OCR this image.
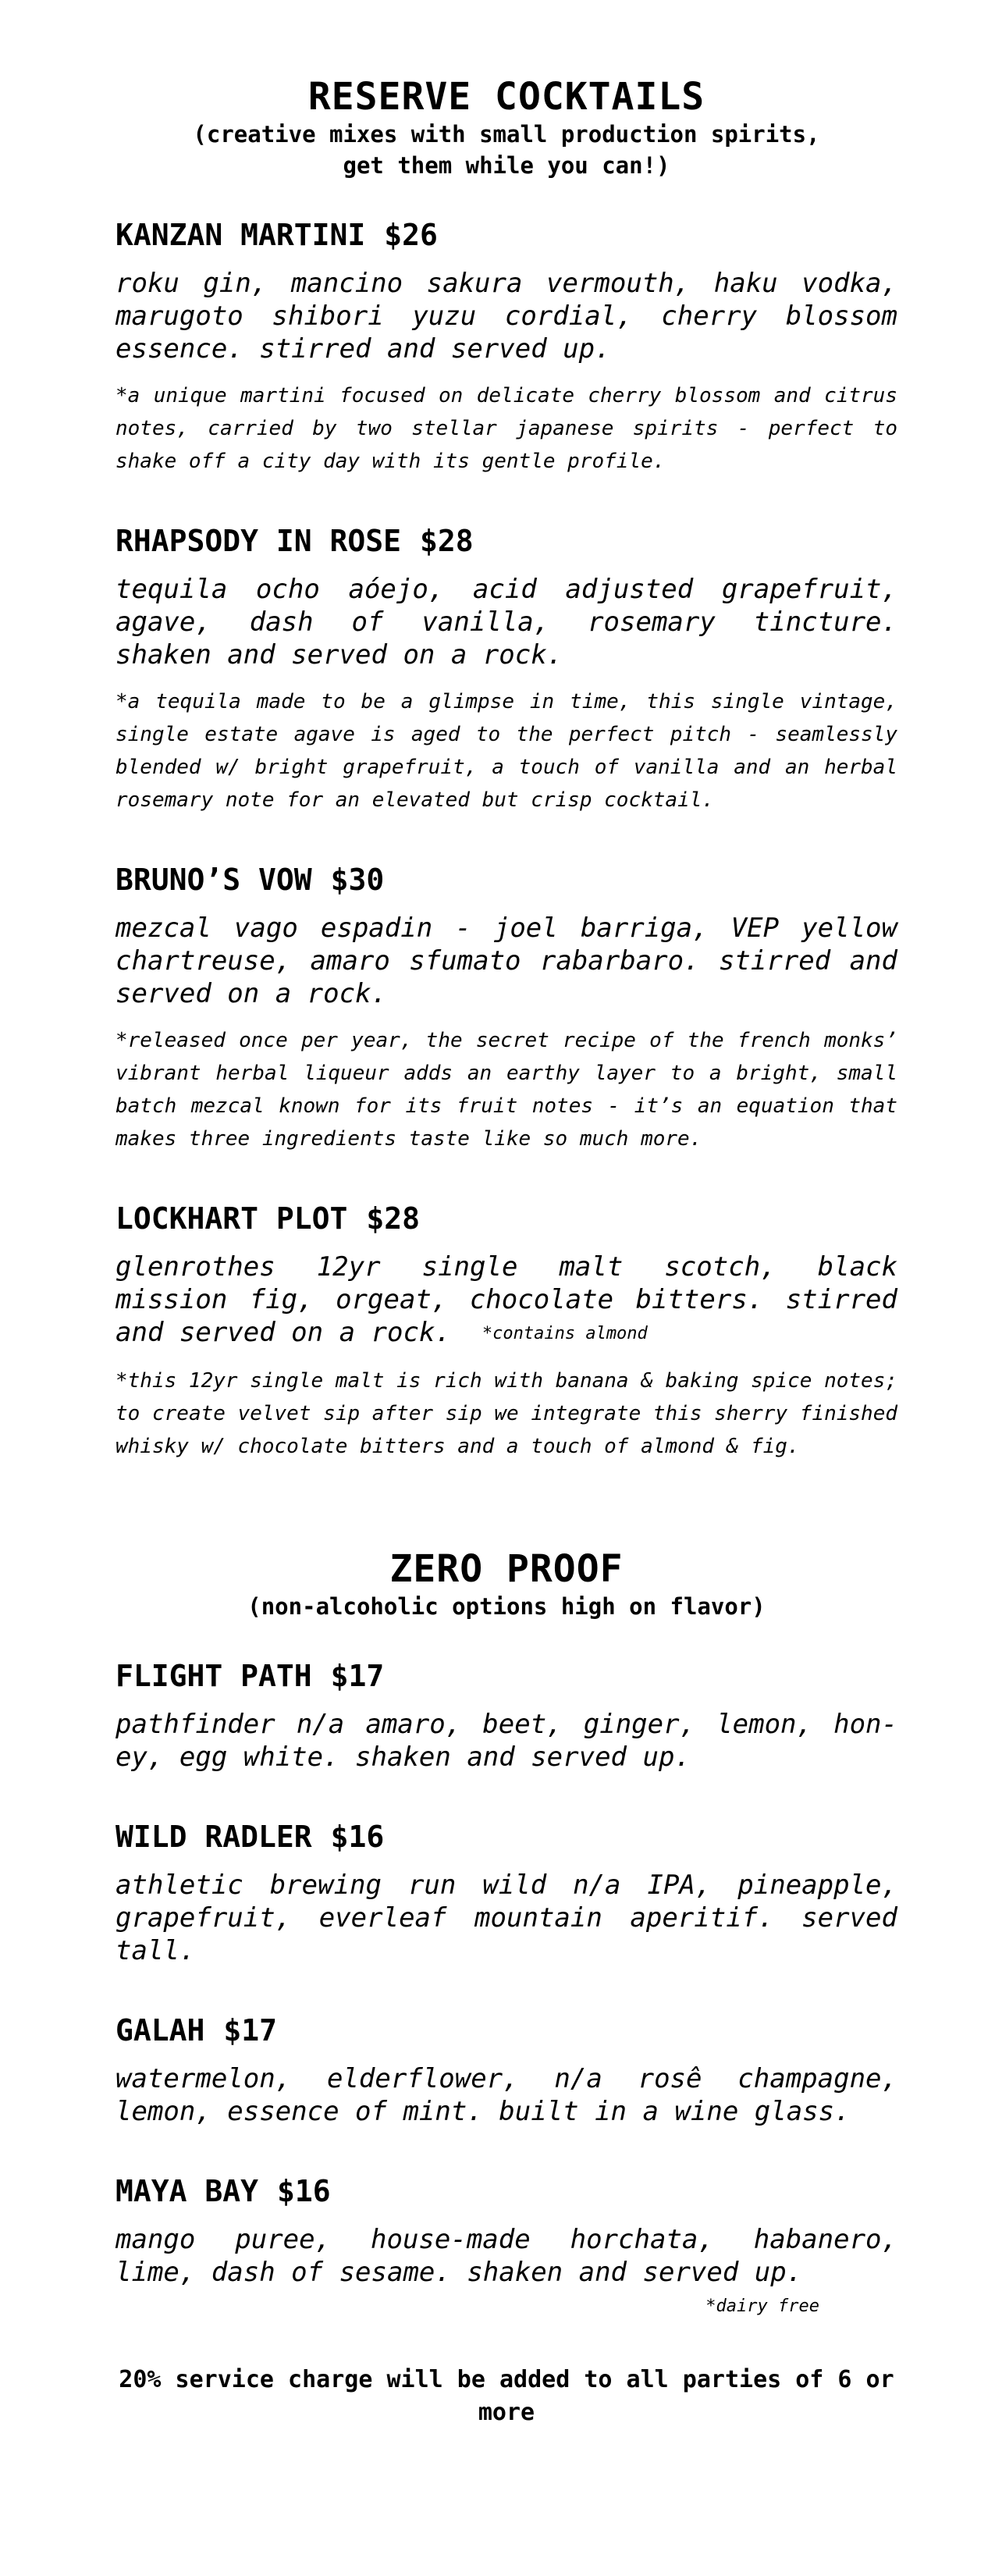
RESERVE COCKTAILS

(creative mixes with small production spirits,
get them while you can!)

KANZAN MARTINI $26

roku gin, mancino sakura vermouth, haku vodka, marugoto shibori yuzu cordial, cherry blossom essence. stirred and served up.

*a unique martini focused on delicate cherry blossom and citrus notes, carried by two stellar japanese spirits - perfect to shake off a city day with its gentle profile.

RHAPSODY IN ROSE $28

tequila ocho aóejo, acid adjusted grapefruit, agave, dash of vanilla, rosemary tincture. shaken and served on a rock.

*a tequila made to be a glimpse in time, this single vintage, single estate agave is aged to the perfect pitch - seamlessly blended w/ bright grapefruit, a touch of vanilla and an herbal rosemary note for an elevated but crisp cocktail.

BRUNO’S VOW $30

mezcal vago espadin - joel barriga, VEP yellow chartreuse, amaro sfumato rabarbaro. stirred and served on a rock.

*released once per year, the secret recipe of the french monks’ vibrant herbal liqueur adds an earthy layer to a bright, small batch mezcal known for its fruit notes - it’s an equation that makes three ingredients taste like so much more.

LOCKHART PLOT $28

glenrothes 12yr single malt scotch, black mission fig, orgeat, chocolate bitters. stirred and served on a rock. *contains almond

*this 12yr single malt is rich with banana & baking spice notes; to create velvet sip after sip we integrate this sherry finished whisky w/ chocolate bitters and a touch of almond & fig.

ZERO PROOF

(non-alcoholic options high on flavor)

FLIGHT PATH $17

pathfinder n/a amaro, beet, ginger, lemon, honey, egg white. shaken and served up.

WILD RADLER $16

athletic brewing run wild n/a IPA, pineapple, grapefruit, everleaf mountain aperitif. served tall.

GALAH $17

watermelon, elderflower, n/a rosê champagne, lemon, essence of mint. built in a wine glass.

MAYA BAY $16

mango puree, house-made horchata, habanero, lime, dash of sesame. shaken and served up.

*dairy free

20% service charge will be added to all parties of 6 or more
